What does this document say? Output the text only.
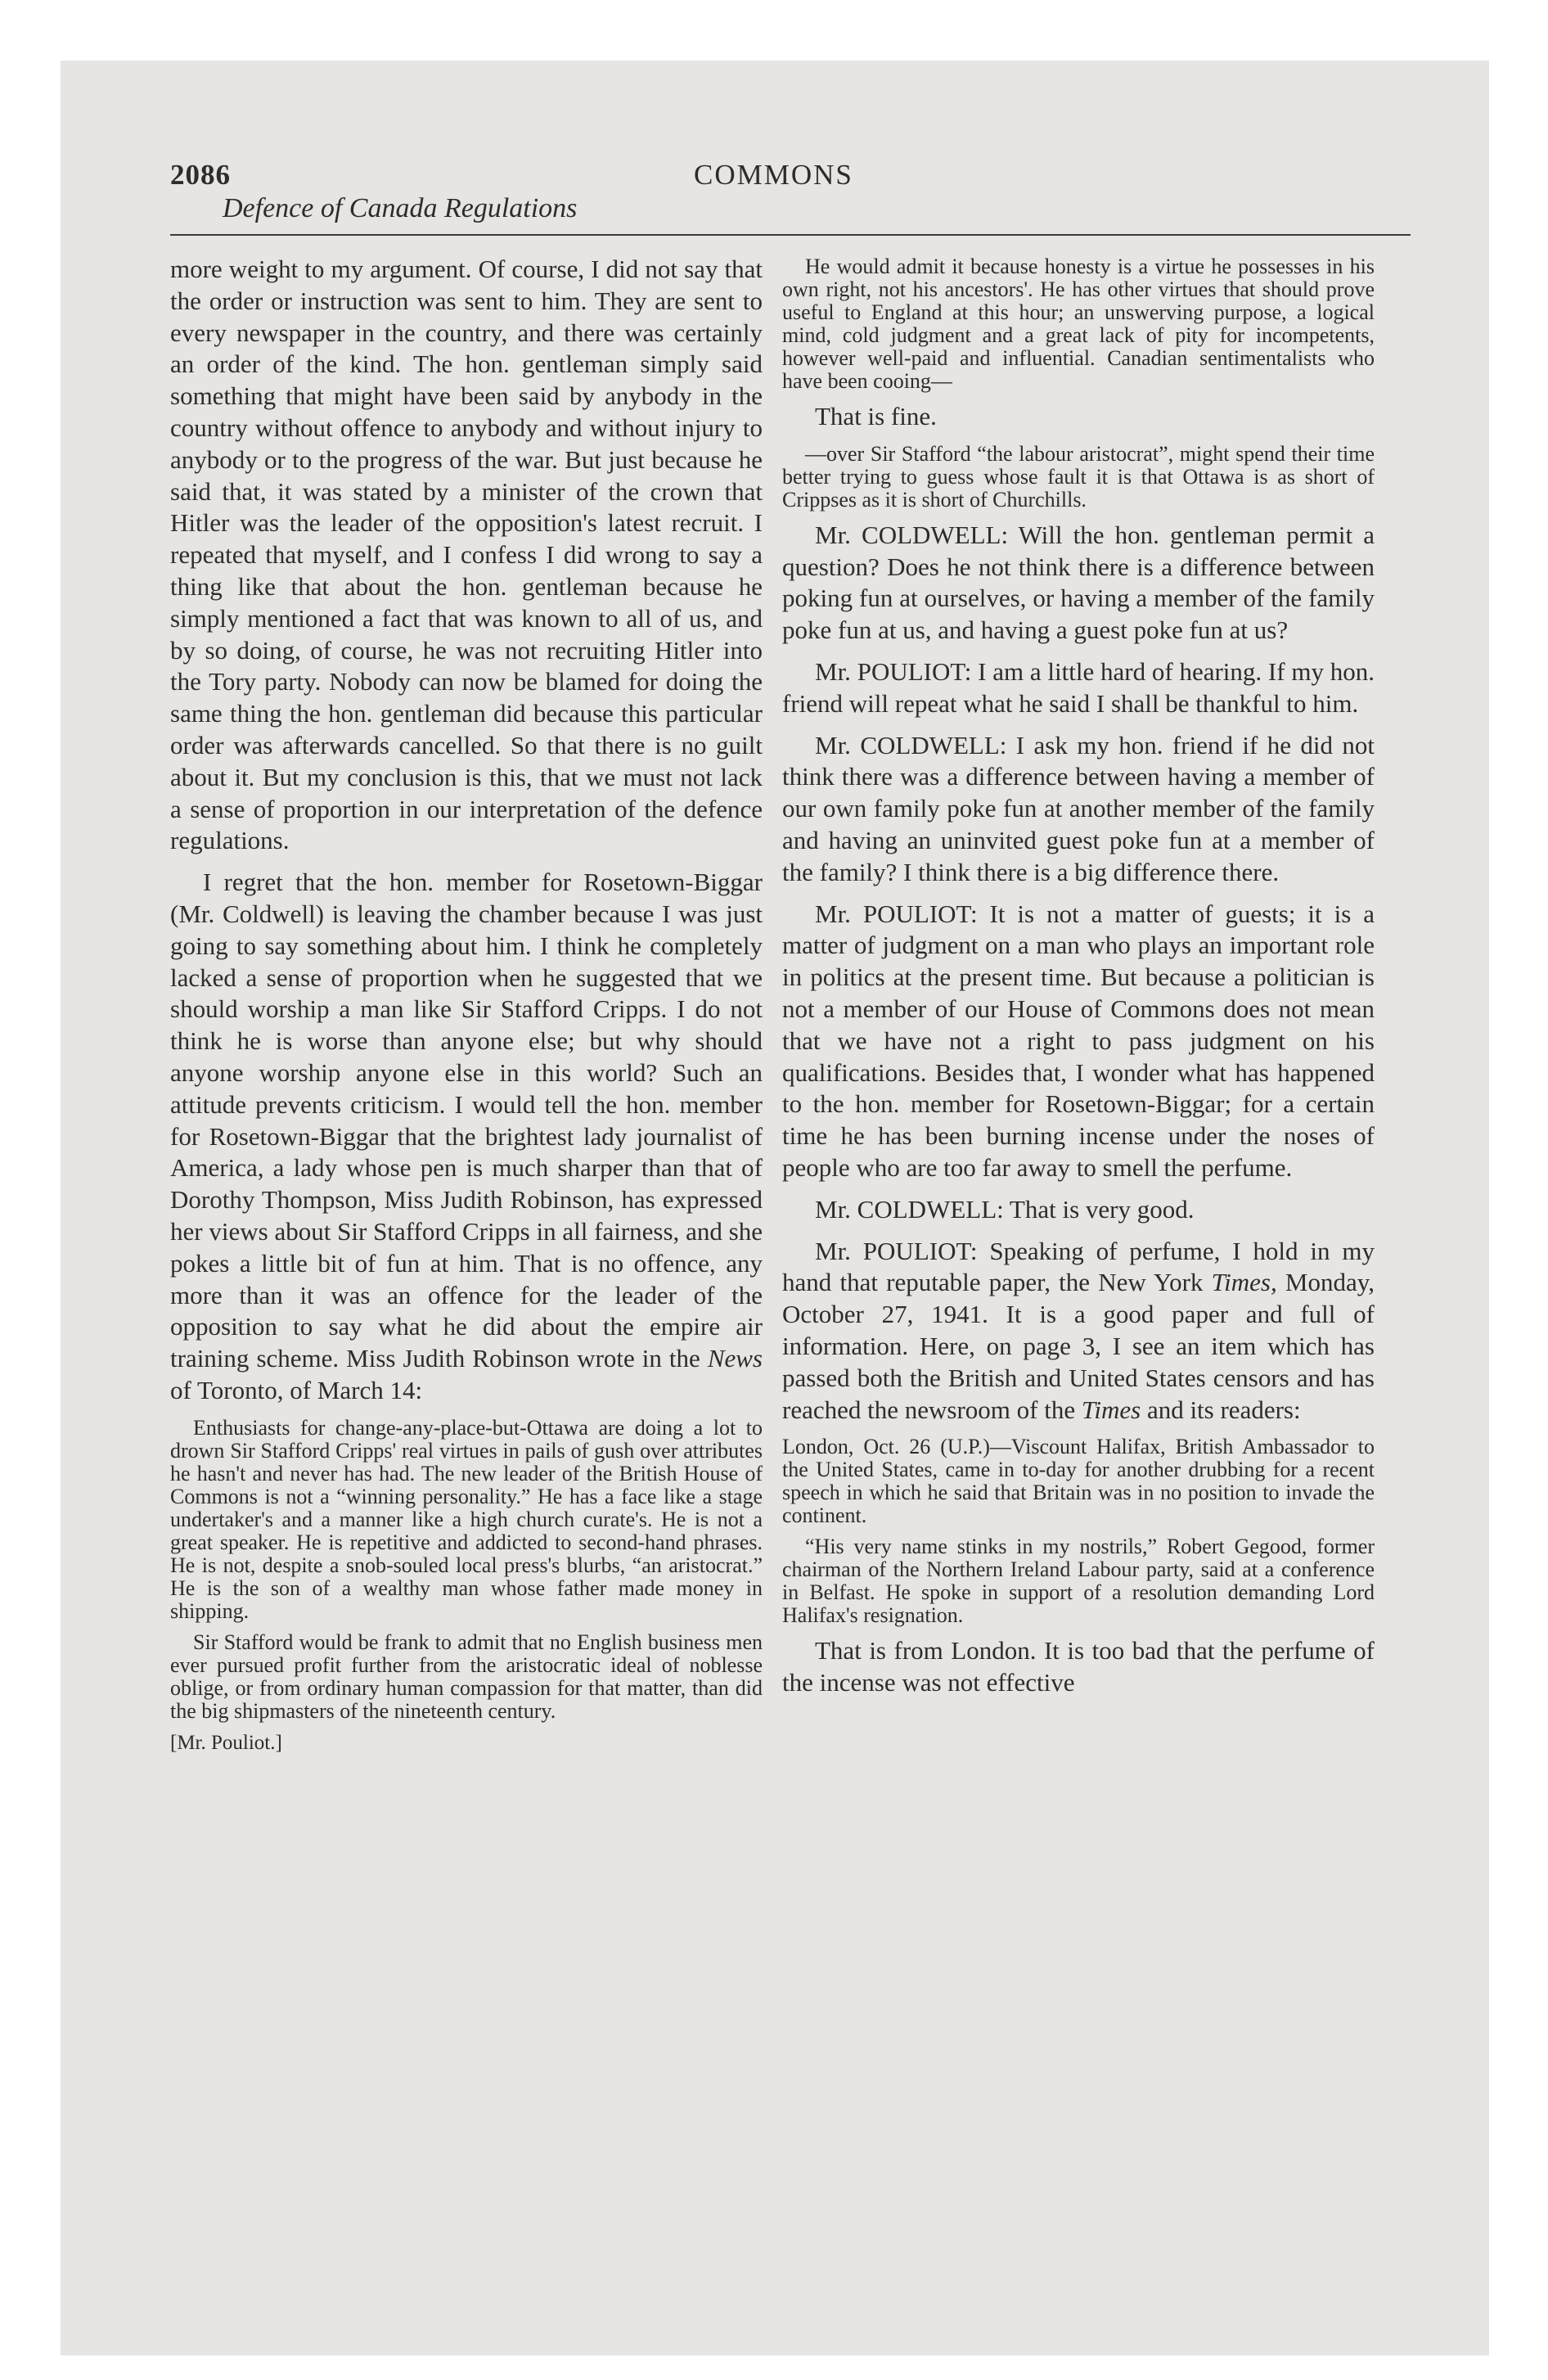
2086	COMMONS
Defence of Canada Regulations

more weight to my argument. Of course, I did not say that the order or instruction was sent to him. They are sent to every newspaper in the country, and there was certainly an order of the kind. The hon. gentleman simply said something that might have been said by anybody in the country without offence to anybody and without injury to anybody or to the progress of the war. But just because he said that, it was stated by a minister of the crown that Hitler was the leader of the opposition's latest recruit. I repeated that myself, and I confess I did wrong to say a thing like that about the hon. gentleman because he simply mentioned a fact that was known to all of us, and by so doing, of course, he was not recruiting Hitler into the Tory party. Nobody can now be blamed for doing the same thing the hon. gentleman did because this particular order was afterwards cancelled. So that there is no guilt about it. But my conclusion is this, that we must not lack a sense of proportion in our interpretation of the defence regulations.

I regret that the hon. member for Rosetown-Biggar (Mr. Coldwell) is leaving the chamber because I was just going to say something about him. I think he completely lacked a sense of proportion when he suggested that we should worship a man like Sir Stafford Cripps. I do not think he is worse than anyone else; but why should anyone worship anyone else in this world? Such an attitude prevents criticism. I would tell the hon. member for Rosetown-Biggar that the brightest lady journalist of America, a lady whose pen is much sharper than that of Dorothy Thompson, Miss Judith Robinson, has expressed her views about Sir Stafford Cripps in all fairness, and she pokes a little bit of fun at him. That is no offence, any more than it was an offence for the leader of the opposition to say what he did about the empire air training scheme. Miss Judith Robinson wrote in the News of Toronto, of March 14:

Enthusiasts for change-any-place-but-Ottawa are doing a lot to drown Sir Stafford Cripps' real virtues in pails of gush over attributes he hasn't and never has had. The new leader of the British House of Commons is not a “winning personality.” He has a face like a stage undertaker's and a manner like a high church curate's. He is not a great speaker. He is repetitive and addicted to second-hand phrases. He is not, despite a snob-souled local press's blurbs, “an aristocrat.” He is the son of a wealthy man whose father made money in shipping.

Sir Stafford would be frank to admit that no English business men ever pursued profit further from the aristocratic ideal of noblesse oblige, or from ordinary human compassion for that matter, than did the big shipmasters of the nineteenth century.

[Mr. Pouliot.]

He would admit it because honesty is a virtue he possesses in his own right, not his ancestors'. He has other virtues that should prove useful to England at this hour; an unswerving purpose, a logical mind, cold judgment and a great lack of pity for incompetents, however well-paid and influential. Canadian sentimentalists who have been cooing—

That is fine.

—over Sir Stafford “the labour aristocrat”, might spend their time better trying to guess whose fault it is that Ottawa is as short of Crippses as it is short of Churchills.

Mr. COLDWELL: Will the hon. gentleman permit a question? Does he not think there is a difference between poking fun at ourselves, or having a member of the family poke fun at us, and having a guest poke fun at us?

Mr. POULIOT: I am a little hard of hearing. If my hon. friend will repeat what he said I shall be thankful to him.

Mr. COLDWELL: I ask my hon. friend if he did not think there was a difference between having a member of our own family poke fun at another member of the family and having an uninvited guest poke fun at a member of the family? I think there is a big difference there.

Mr. POULIOT: It is not a matter of guests; it is a matter of judgment on a man who plays an important role in politics at the present time. But because a politician is not a member of our House of Commons does not mean that we have not a right to pass judgment on his qualifications. Besides that, I wonder what has happened to the hon. member for Rosetown-Biggar; for a certain time he has been burning incense under the noses of people who are too far away to smell the perfume.

Mr. COLDWELL: That is very good.

Mr. POULIOT: Speaking of perfume, I hold in my hand that reputable paper, the New York Times, Monday, October 27, 1941. It is a good paper and full of information. Here, on page 3, I see an item which has passed both the British and United States censors and has reached the newsroom of the Times and its readers:

London, Oct. 26 (U.P.)—Viscount Halifax, British Ambassador to the United States, came in to-day for another drubbing for a recent speech in which he said that Britain was in no position to invade the continent.

“His very name stinks in my nostrils,” Robert Gegood, former chairman of the Northern Ireland Labour party, said at a conference in Belfast. He spoke in support of a resolution demanding Lord Halifax's resignation.

That is from London. It is too bad that the perfume of the incense was not effective
